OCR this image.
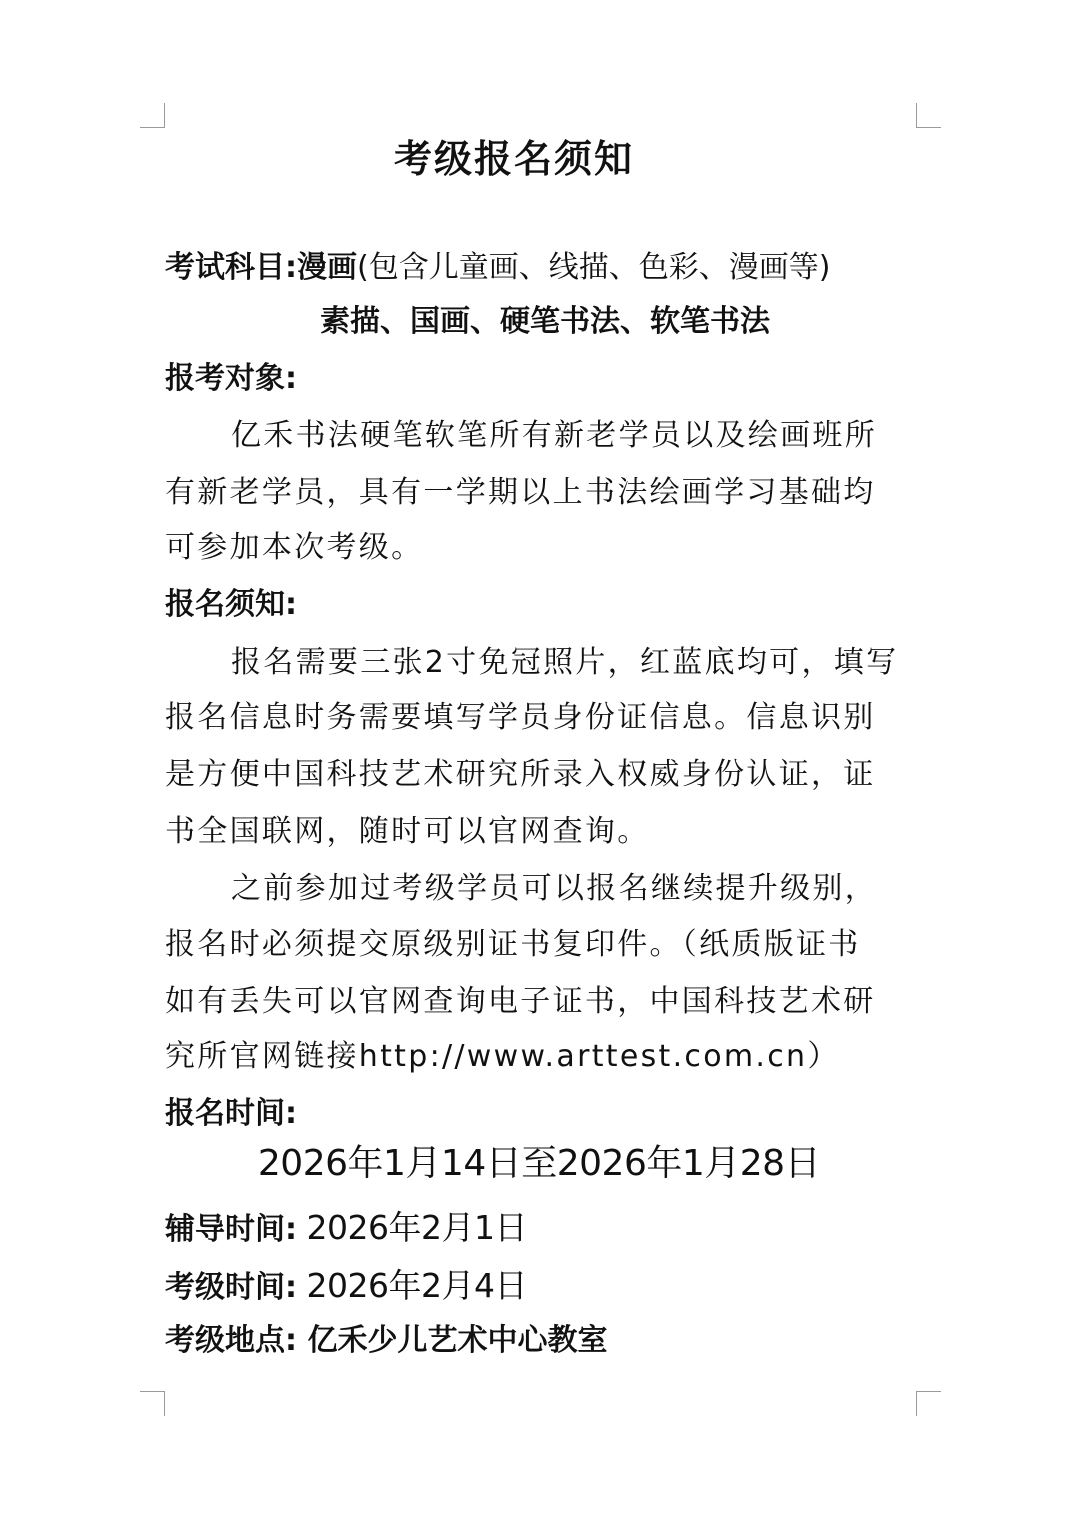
考级报名须知
考试科目:漫画(包含儿童画、线描、色彩、漫画等)
素描、国画、硬笔书法、软笔书法
报考对象:
亿禾书法硬笔软笔所有新老学员以及绘画班所
有新老学员，具有一学期以上书法绘画学习基础均
可参加本次考级。
报名须知:
报名需要三张2寸免冠照片，红蓝底均可，填写
报名信息时务需要填写学员身份证信息。信息识别
是方便中国科技艺术研究所录入权威身份认证，证
书全国联网，随时可以官网查询。
之前参加过考级学员可以报名继续提升级别，
报名时必须提交原级别证书复印件。（纸质版证书
如有丢失可以官网查询电子证书，中国科技艺术研
究所官网链接http://www.arttest.com.cn）
报名时间:
2026年1月14日至2026年1月28日
辅导时间: 2026年2月1日
考级时间: 2026年2月4日
考级地点: 亿禾少儿艺术中心教室
